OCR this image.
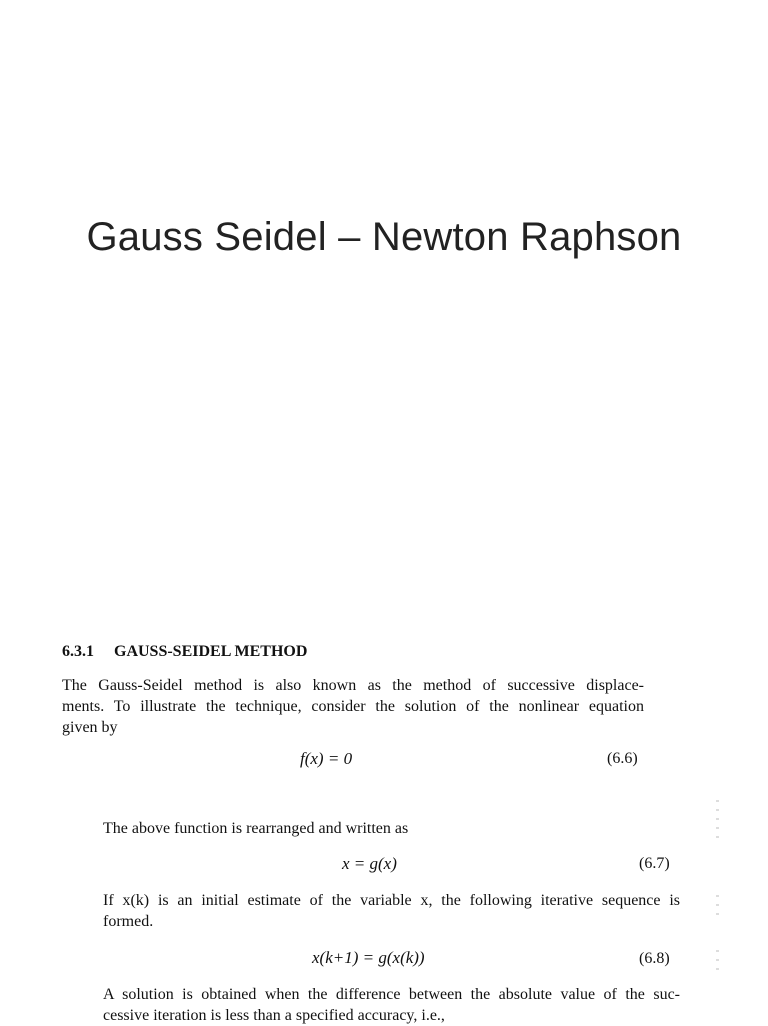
Gauss Seidel – Newton Raphson
6.3.1 GAUSS-SEIDEL METHOD
The Gauss-Seidel method is also known as the method of successive displace-
ments. To illustrate the technique, consider the solution of the nonlinear equation
given by
f(x) = 0	(6.6)
The above function is rearranged and written as
x = g(x)	(6.7)
If x(k) is an initial estimate of the variable x, the following iterative sequence is
formed.
x(k+1) = g(x(k))	(6.8)
A solution is obtained when the difference between the absolute value of the suc-
cessive iteration is less than a specified accuracy, i.e.,
